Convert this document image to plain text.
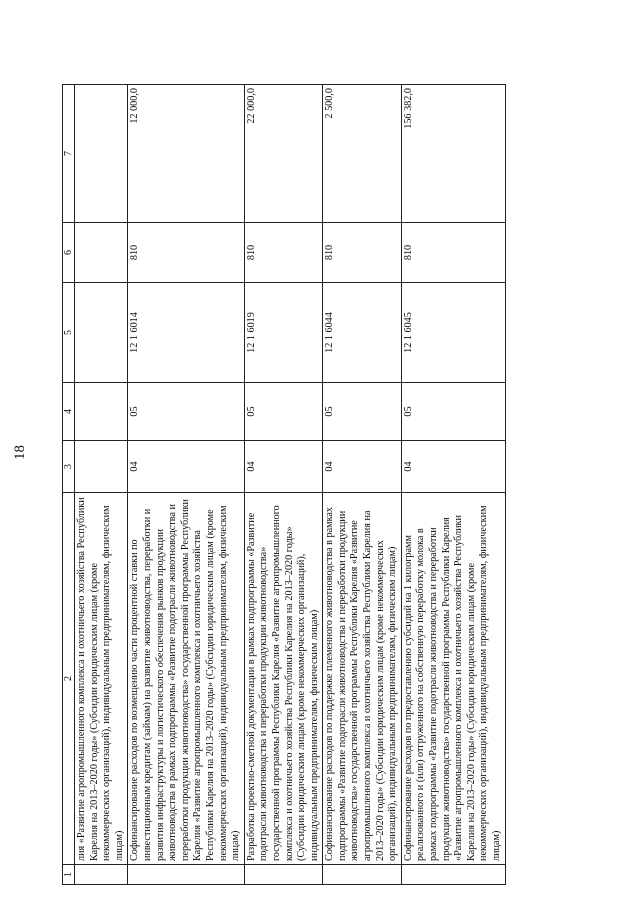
18
1	2	3	4	5	6	7
	лия «Развитие агропромышленного комплекса и охотничьего хозяйства Республики Карелия на 2013–2020 годы» (Субсидии юридическим лицам (кроме некоммерческих организаций), индивидуальным предпринимателям, физическим лицам)					
	Софинансирование расходов по возмещению части процентной ставки по инвестиционным кредитам (займам) на развитие животноводства, переработки и развития инфраструктуры и логистического обеспечения рынков продукции животноводства в рамках подпрограммы «Развитие подотрасли животноводства и переработки продукции животноводства» государственной программы Республики Карелия «Развитие агропромышленного комплекса и охотничьего хозяйства Республики Карелия на 2013–2020 годы» (Субсидии юридическим лицам (кроме некоммерческих организаций), индивидуальным предпринимателям, физическим лицам)	04	05	12 1 6014	810	12 000,0
	Разработка проектно-сметной документации в рамках подпрограммы «Развитие подотрасли животноводства и переработки продукции животноводства» государственной программы Республики Карелия «Развитие агропромышленного комплекса и охотничьего хозяйства Республики Карелия на 2013–2020 годы» (Субсидии юридическим лицам (кроме некоммерческих организаций), индивидуальным предпринимателям, физическим лицам)	04	05	12 1 6019	810	22 000,0
	Софинансирование расходов по поддержке племенного животноводства в рамках подпрограммы «Развитие подотрасли животноводства и переработки продукции животноводства» государственной программы Республики Карелия «Развитие агропромышленного комплекса и охотничьего хозяйства Республики Карелия на 2013–2020 годы» (Субсидии юридическим лицам (кроме некоммерческих организаций), индивидуальным предпринимателям, физическим лицам)	04	05	12 1 6044	810	2 500,0
	Софинансирование расходов по предоставлению субсидий на 1 килограмм реализованного и (или) отгруженного на собственную переработку молока в рамках подпрограммы «Развитие подотрасли животноводства и переработки продукции животноводства» государственной программы Республики Карелия «Развитие агропромышленного комплекса и охотничьего хозяйства Республики Карелия на 2013–2020 годы» (Субсидии юридическим лицам (кроме некоммерческих организаций), индивидуальным предпринимателям, физическим лицам)	04	05	12 1 6045	810	156 382,0
